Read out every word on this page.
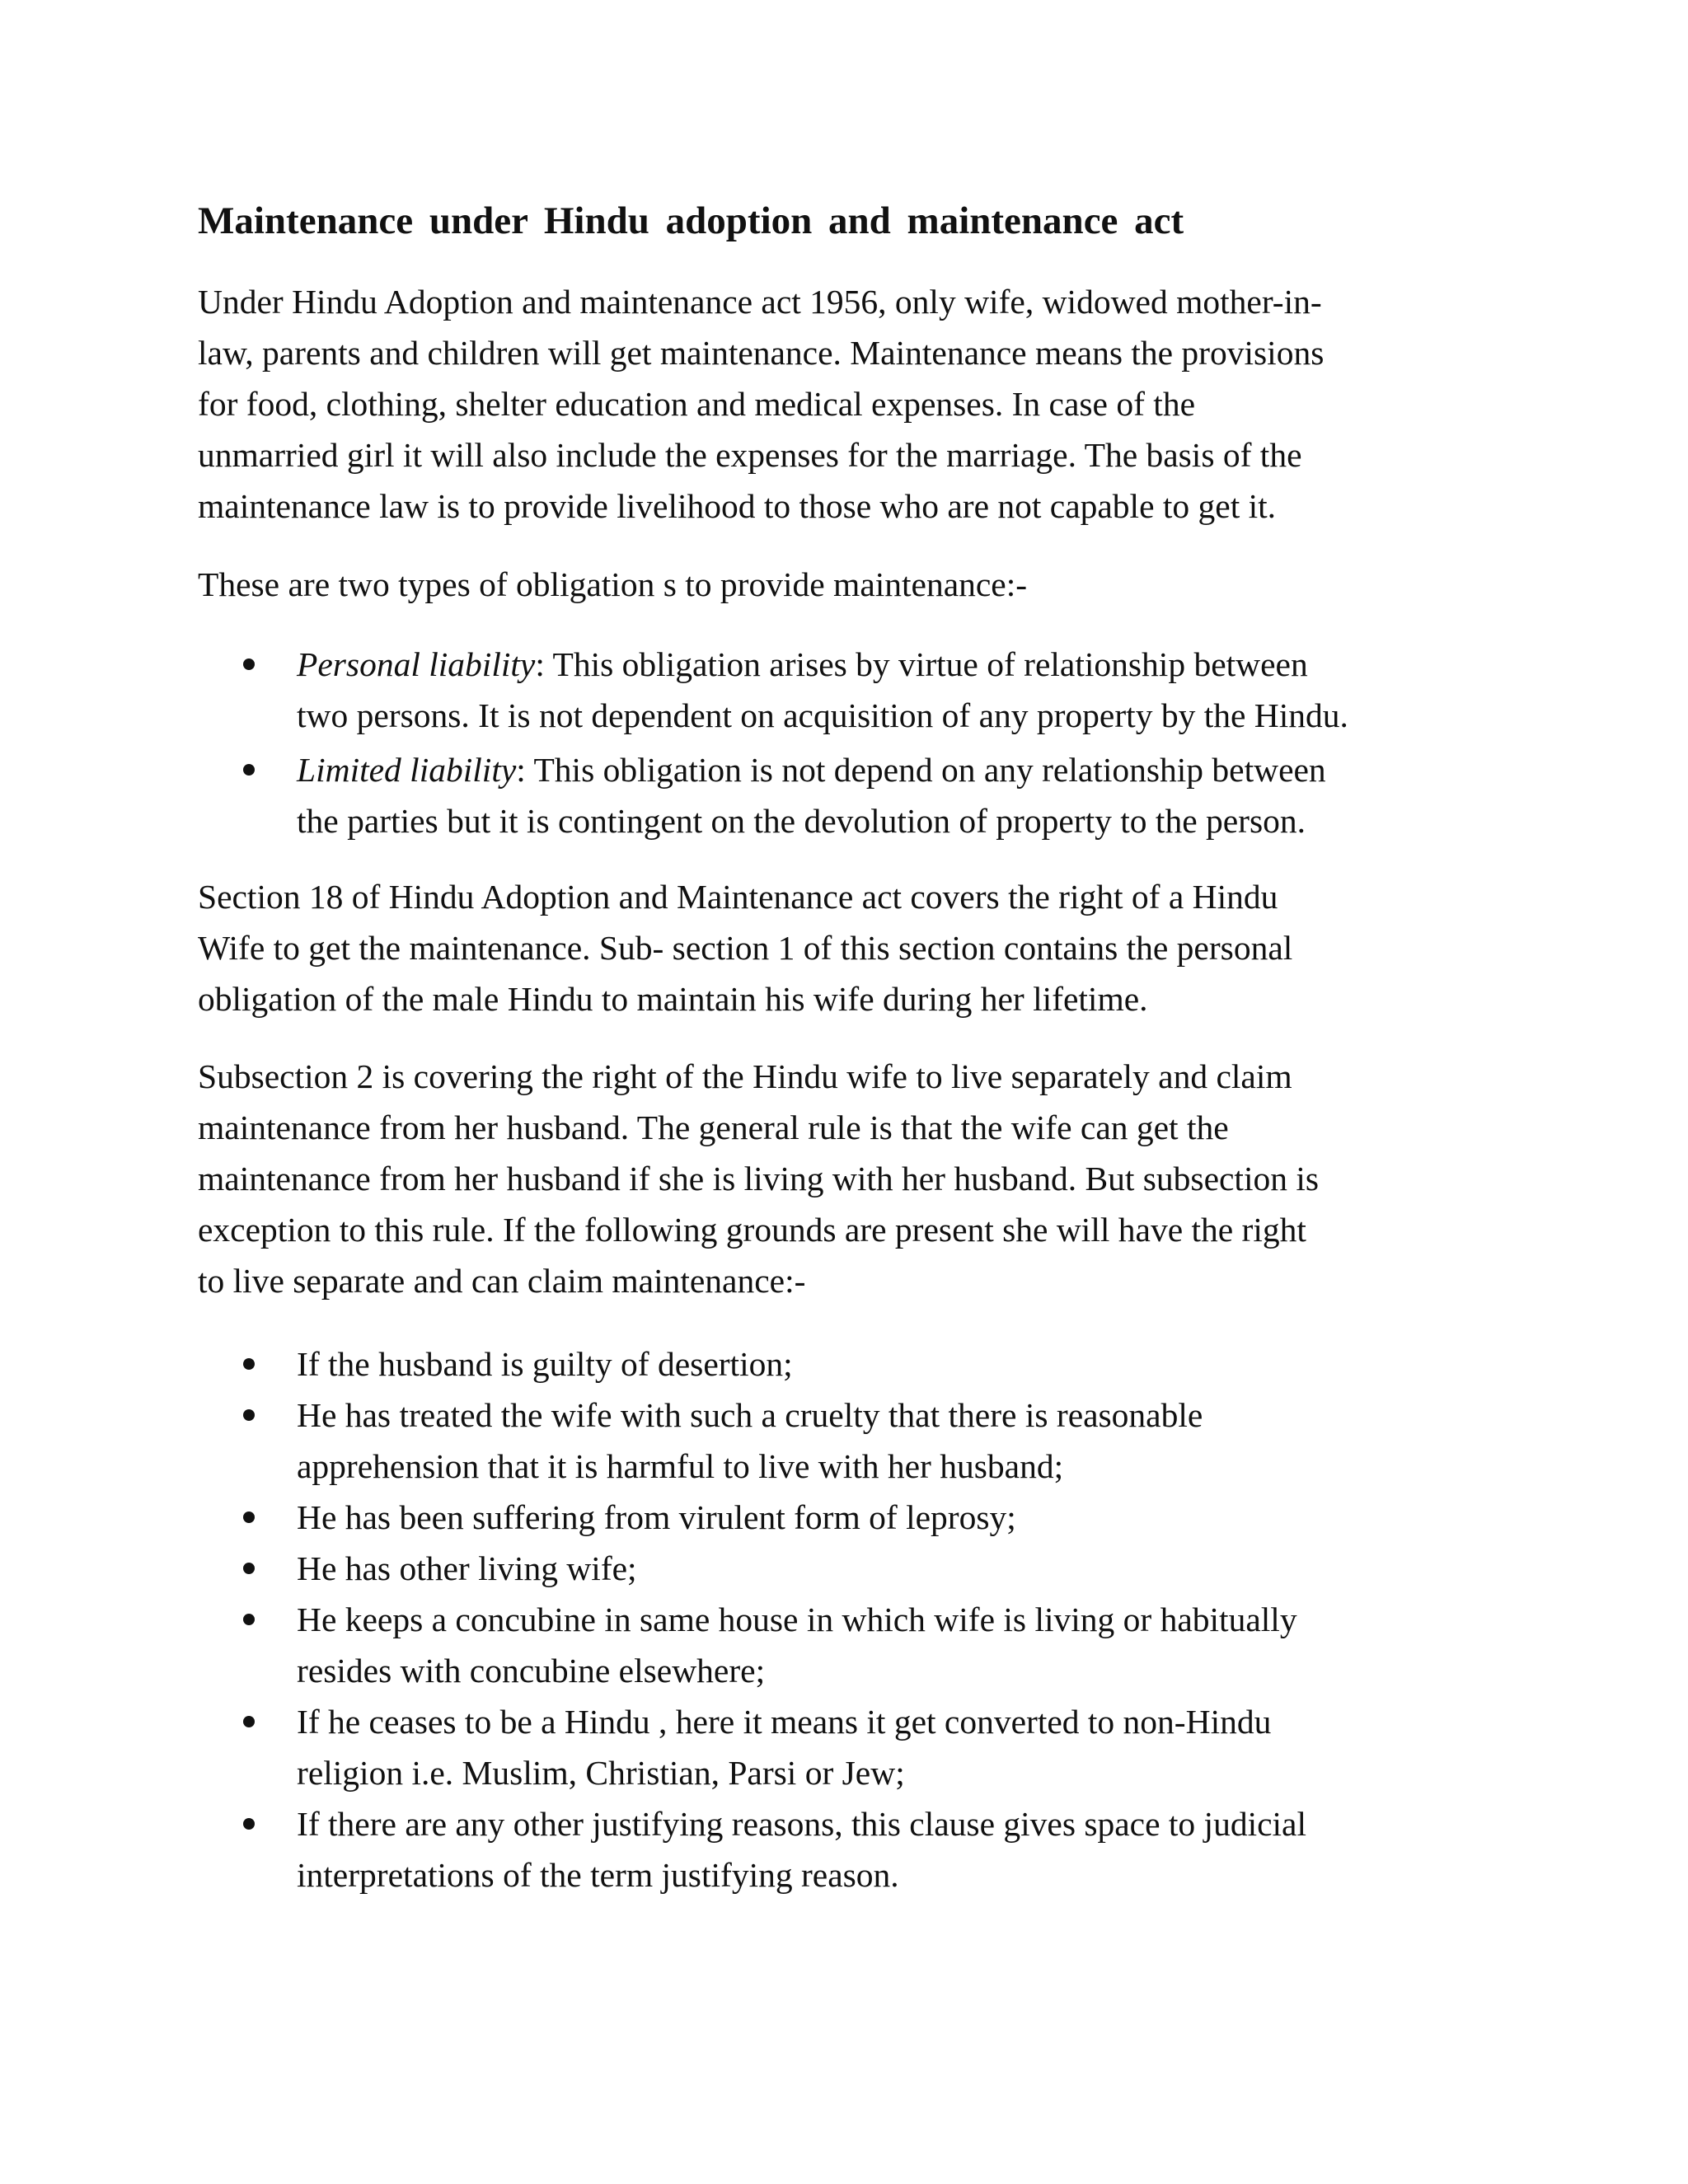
Maintenance under Hindu adoption and maintenance act

Under Hindu Adoption and maintenance act 1956, only wife, widowed mother-in-
law, parents and children will get maintenance. Maintenance means the provisions
for food, clothing, shelter education and medical expenses. In case of the
unmarried girl it will also include the expenses for the marriage. The basis of the
maintenance law is to provide livelihood to those who are not capable to get it.

These are two types of obligation s to provide maintenance:-

Personal liability: This obligation arises by virtue of relationship between
two persons. It is not dependent on acquisition of any property by the Hindu.
Limited liability: This obligation is not depend on any relationship between
the parties but it is contingent on the devolution of property to the person.

Section 18 of Hindu Adoption and Maintenance act covers the right of a Hindu
Wife to get the maintenance. Sub- section 1 of this section contains the personal
obligation of the male Hindu to maintain his wife during her lifetime.

Subsection 2 is covering the right of the Hindu wife to live separately and claim
maintenance from her husband. The general rule is that the wife can get the
maintenance from her husband if she is living with her husband. But subsection is
exception to this rule. If the following grounds are present she will have the right
to live separate and can claim maintenance:-

If the husband is guilty of desertion;
He has treated the wife with such a cruelty that there is reasonable
apprehension that it is harmful to live with her husband;
He has been suffering from virulent form of leprosy;
He has other living wife;
He keeps a concubine in same house in which wife is living or habitually
resides with concubine elsewhere;
If he ceases to be a Hindu , here it means it get converted to non-Hindu
religion i.e. Muslim, Christian, Parsi or Jew;
If there are any other justifying reasons, this clause gives space to judicial
interpretations of the term justifying reason.
